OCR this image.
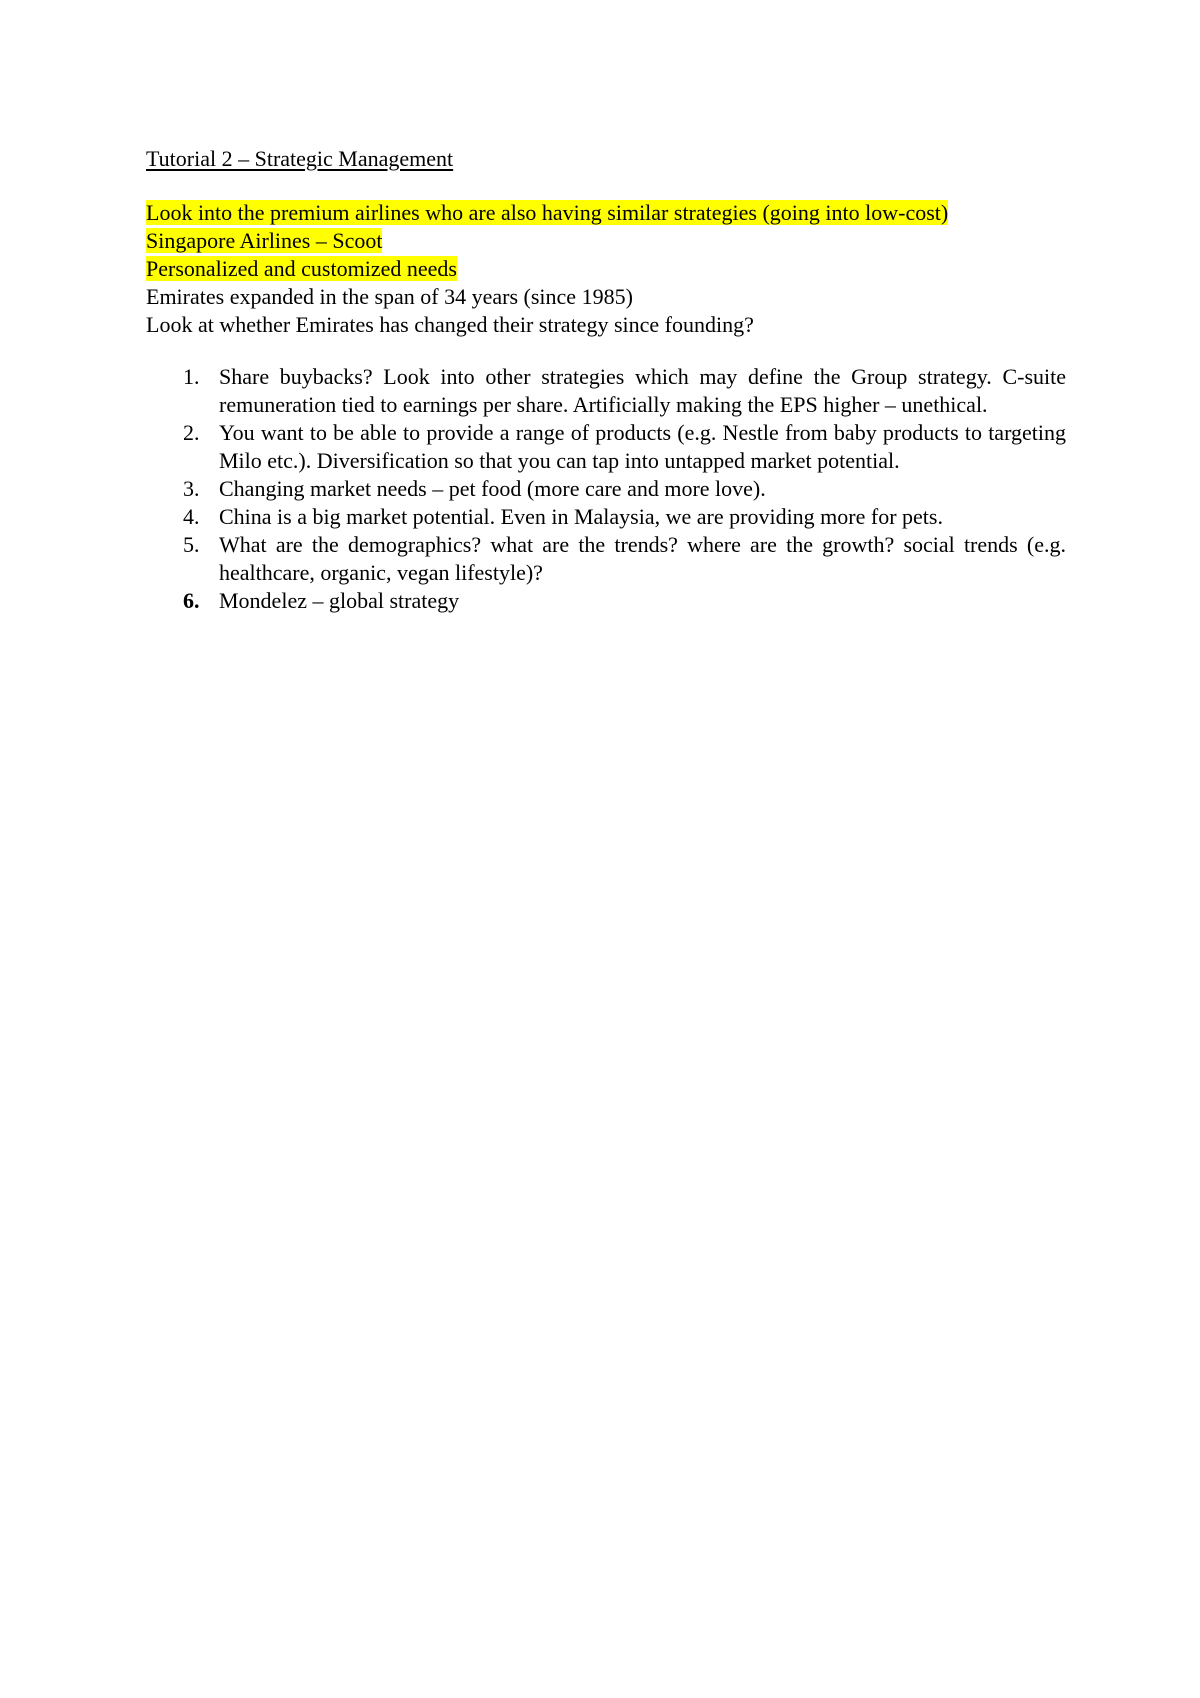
Tutorial 2 – Strategic Management

Look into the premium airlines who are also having similar strategies (going into low-cost)

Singapore Airlines – Scoot

Personalized and customized needs

Emirates expanded in the span of 34 years (since 1985)

Look at whether Emirates has changed their strategy since founding?

1. Share buybacks? Look into other strategies which may define the Group strategy. C-suite remuneration tied to earnings per share. Artificially making the EPS higher – unethical.
2. You want to be able to provide a range of products (e.g. Nestle from baby products to targeting Milo etc.). Diversification so that you can tap into untapped market potential.
3. Changing market needs – pet food (more care and more love).
4. China is a big market potential. Even in Malaysia, we are providing more for pets.
5. What are the demographics? what are the trends? where are the growth? social trends (e.g. healthcare, organic, vegan lifestyle)?
6. Mondelez – global strategy
